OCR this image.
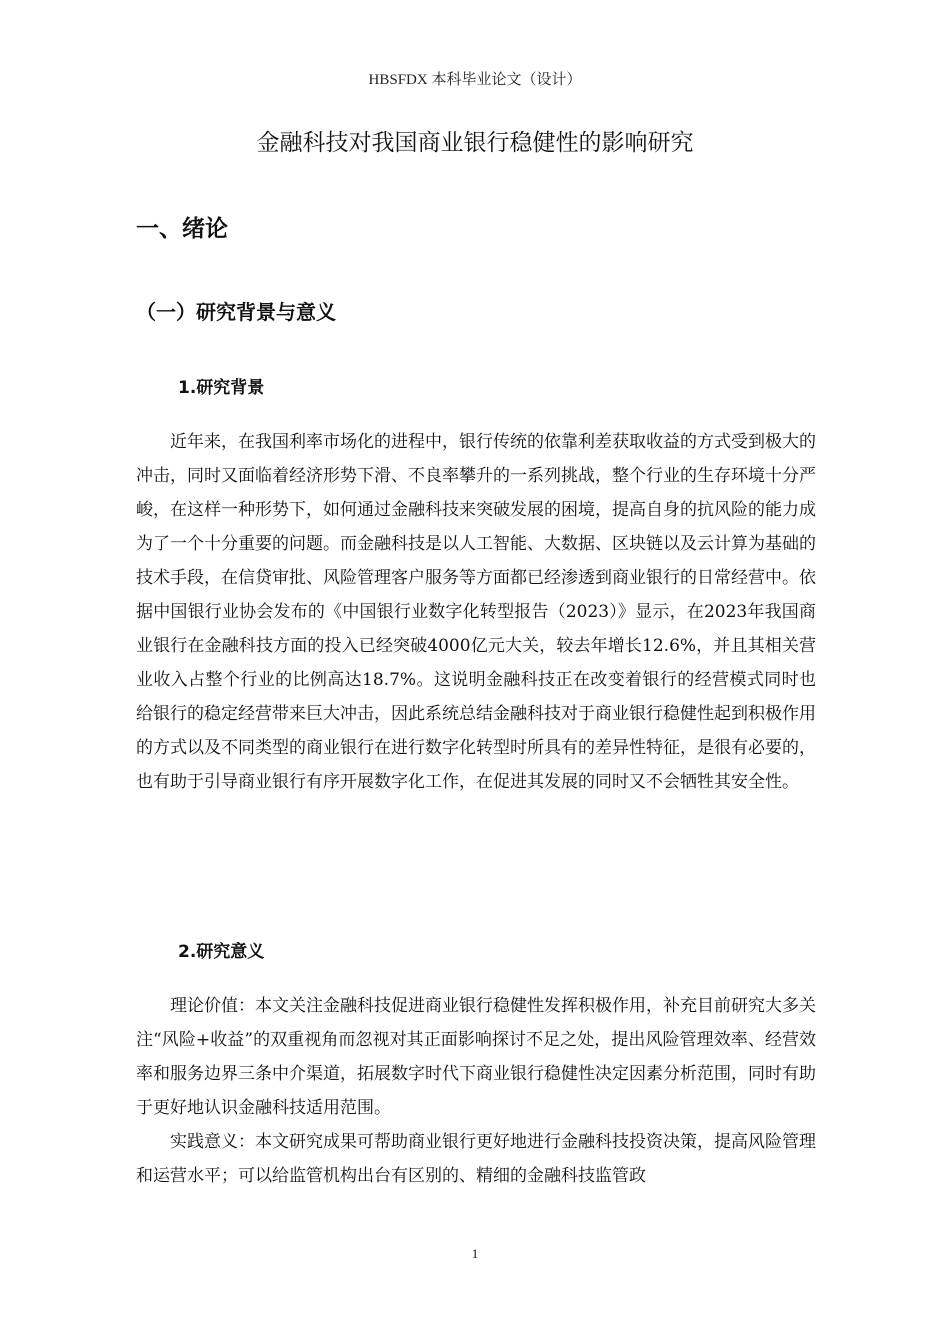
HBSFDX 本科毕业论文（设计）
金融科技对我国商业银行稳健性的影响研究
一、绪论
（一）研究背景与意义
1.研究背景

近年来，在我国利率市场化的进程中，银行传统的依靠利差获取收益的方式受到极大的冲击，同时又面临着经济形势下滑、不良率攀升的一系列挑战，整个行业的生存环境十分严峻，在这样一种形势下，如何通过金融科技来突破发展的困境，提高自身的抗风险的能力成为了一个十分重要的问题。而金融科技是以人工智能、大数据、区块链以及云计算为基础的技术手段，在信贷审批、风险管理客户服务等方面都已经渗透到商业银行的日常经营中。依据中国银行业协会发布的《中国银行业数字化转型报告（2023）》显示，在2023年我国商业银行在金融科技方面的投入已经突破4000亿元大关，较去年增长12.6%，并且其相关营业收入占整个行业的比例高达18.7%。这说明金融科技正在改变着银行的经营模式同时也给银行的稳定经营带来巨大冲击，因此系统总结金融科技对于商业银行稳健性起到积极作用的方式以及不同类型的商业银行在进行数字化转型时所具有的差异性特征，是很有必要的，也有助于引导商业银行有序开展数字化工作，在促进其发展的同时又不会牺牲其安全性。

2.研究意义

理论价值：本文关注金融科技促进商业银行稳健性发挥积极作用，补充目前研究大多关注“风险+收益”的双重视角而忽视对其正面影响探讨不足之处，提出风险管理效率、经营效率和服务边界三条中介渠道，拓展数字时代下商业银行稳健性决定因素分析范围，同时有助于更好地认识金融科技适用范围。

实践意义：本文研究成果可帮助商业银行更好地进行金融科技投资决策，提高风险管理和运营水平；可以给监管机构出台有区别的、精细的金融科技监管政

1
